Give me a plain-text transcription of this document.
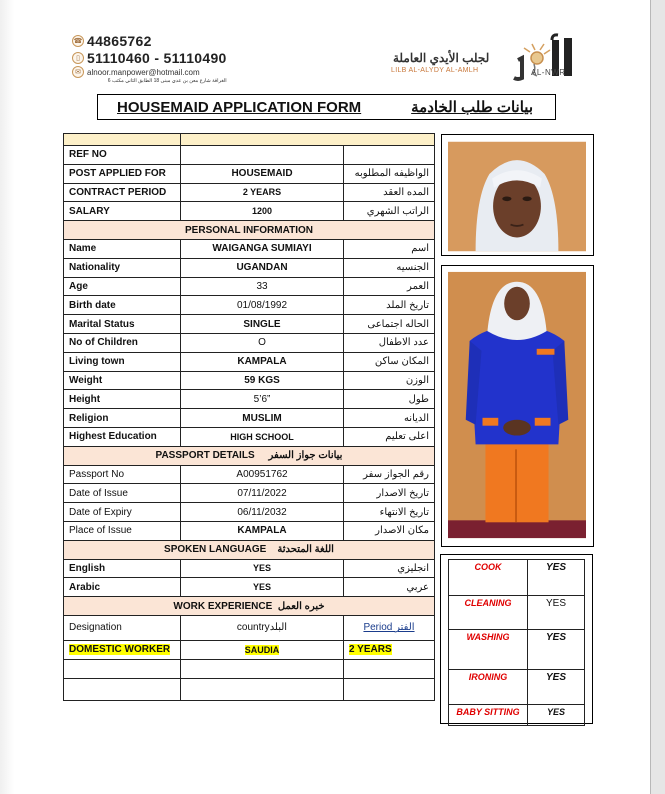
☎ 44865762
▯ 51110460 - 51110490
✉ alnoor.manpower@hotmail.com
الغرافة شارع معن بن عدي مبنى 18 الطابق الثاني مكتب 6
لجلب الأيدي العاملة
LILB AL-ALYDY AL-AMLH	AL-NWR
HOUSEMAID APPLICATION FORM	بيانات طلب الخادمة

REF NO		
POST APPLIED FOR	HOUSEMAID	الواظيفه المطلوبه
CONTRACT PERIOD	2 YEARS	المده العقد
SALARY	1200	الراتب الشهري
PERSONAL INFORMATION		
Name	WAIGANGA SUMIAYI	اسم
Nationality	UGANDAN	الجنسيه
Age	33	العمر
Birth date	01/08/1992	تاريخ الملد
Marital Status	SINGLE	الحاله اجتماعى
No of Children	O	عدد الاطفال
Living town	KAMPALA	المكان ساكن
Weight	59 KGS	الوزن
Height	5’6”	طول
Religion	MUSLIM	الديانه
Highest Education	HIGH SCHOOL	اعلى تعليم
PASSPORT DETAILS بيانات جواز السفر		
Passport No	A00951762	رقم الجواز سفر
Date of Issue	07/11/2022	تاريخ الاصدار
Date of Expiry	06/11/2032	تاريخ الانتهاء
Place of Issue	KAMPALA	مكان الاصدار
SPOKEN LANGUAGE اللغة المتحدثة		
English	YES	انجليزي
Arabic	YES	عربي
WORK EXPERIENCE خبره العمل		
Designation	countryالبلد	Period الفتر
DOMESTIC WORKER	SAUDIA	2 YEARS

COOK	YES
CLEANING	YES
WASHING	YES
IRONING	YES
BABY SITTING	YES
